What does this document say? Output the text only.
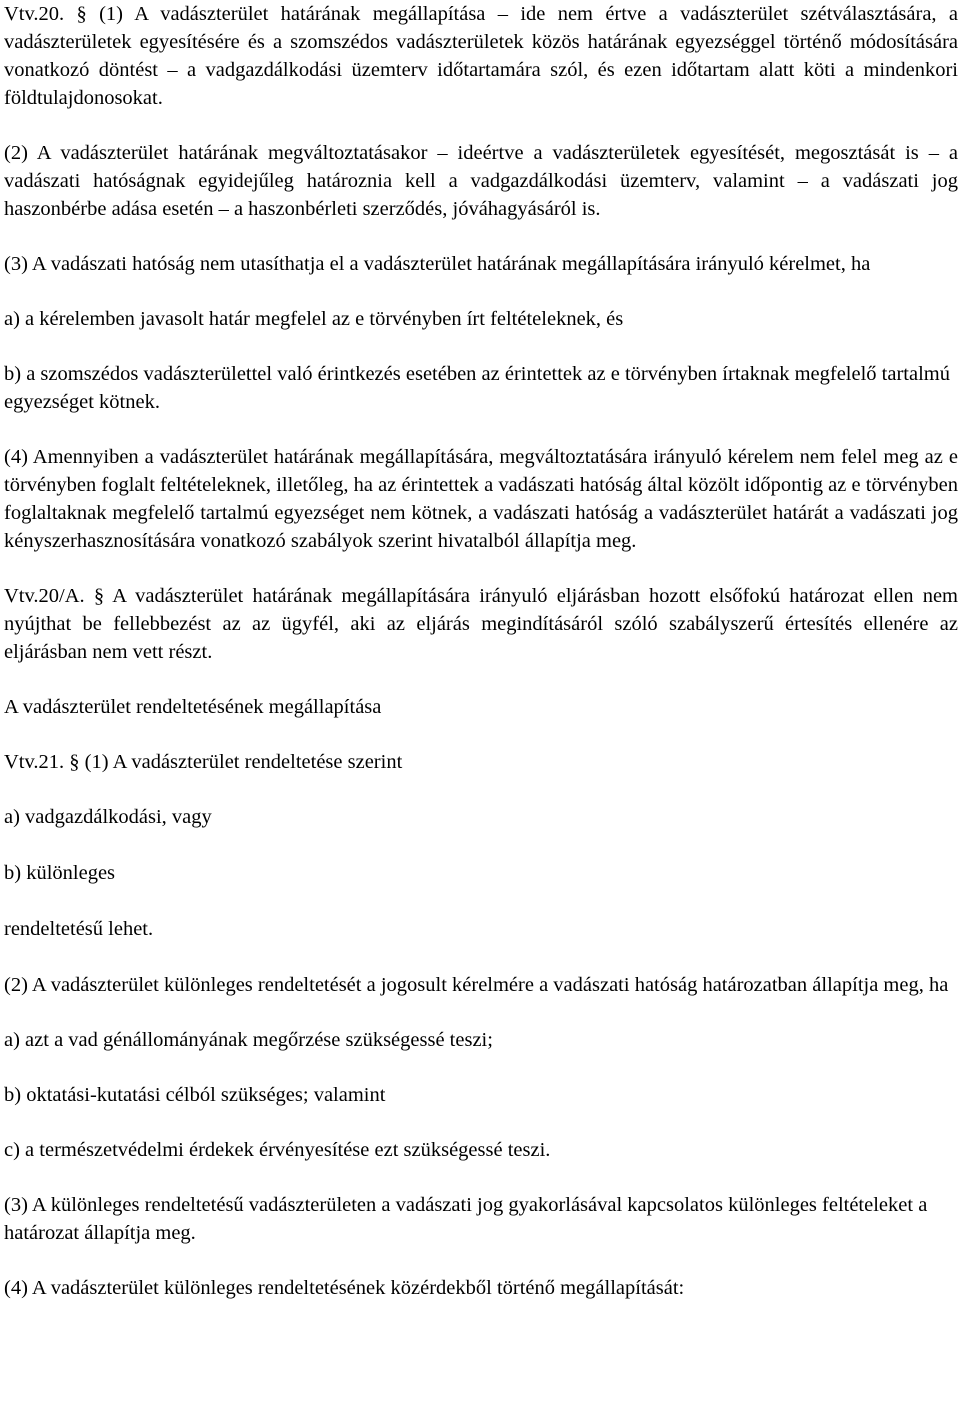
Vtv.20. § (1) A vadászterület határának megállapítása – ide nem értve a vadászterület szétválasztására, a vadászterületek egyesítésére és a szomszédos vadászterületek közös határának egyezséggel történő módosítására vonatkozó döntést – a vadgazdálkodási üzemterv időtartamára szól, és ezen időtartam alatt köti a mindenkori földtulajdonosokat.

(2) A vadászterület határának megváltoztatásakor – ideértve a vadászterületek egyesítését, megosztását is – a vadászati hatóságnak egyidejűleg határoznia kell a vadgazdálkodási üzemterv, valamint – a vadászati jog haszonbérbe adása esetén – a haszonbérleti szerződés, jóváhagyásáról is.

(3) A vadászati hatóság nem utasíthatja el a vadászterület határának megállapítására irányuló kérelmet, ha

a) a kérelemben javasolt határ megfelel az e törvényben írt feltételeknek, és

b) a szomszédos vadászterülettel való érintkezés esetében az érintettek az e törvényben írtaknak megfelelő tartalmú egyezséget kötnek.

(4) Amennyiben a vadászterület határának megállapítására, megváltoztatására irányuló kérelem nem felel meg az e törvényben foglalt feltételeknek, illetőleg, ha az érintettek a vadászati hatóság által közölt időpontig az e törvényben foglaltaknak megfelelő tartalmú egyezséget nem kötnek, a vadászati hatóság a vadászterület határát a vadászati jog kényszerhasznosítására vonatkozó szabályok szerint hivatalból állapítja meg.

Vtv.20/A. § A vadászterület határának megállapítására irányuló eljárásban hozott elsőfokú határozat ellen nem nyújthat be fellebbezést az az ügyfél, aki az eljárás megindításáról szóló szabályszerű értesítés ellenére az eljárásban nem vett részt.

A vadászterület rendeltetésének megállapítása

Vtv.21. § (1) A vadászterület rendeltetése szerint

a) vadgazdálkodási, vagy

b) különleges

rendeltetésű lehet.

(2) A vadászterület különleges rendeltetését a jogosult kérelmére a vadászati hatóság határozatban állapítja meg, ha

a) azt a vad génállományának megőrzése szükségessé teszi;

b) oktatási-kutatási célból szükséges; valamint

c) a természetvédelmi érdekek érvényesítése ezt szükségessé teszi.

(3) A különleges rendeltetésű vadászterületen a vadászati jog gyakorlásával kapcsolatos különleges feltételeket a határozat állapítja meg.

(4) A vadászterület különleges rendeltetésének közérdekből történő megállapítását:
